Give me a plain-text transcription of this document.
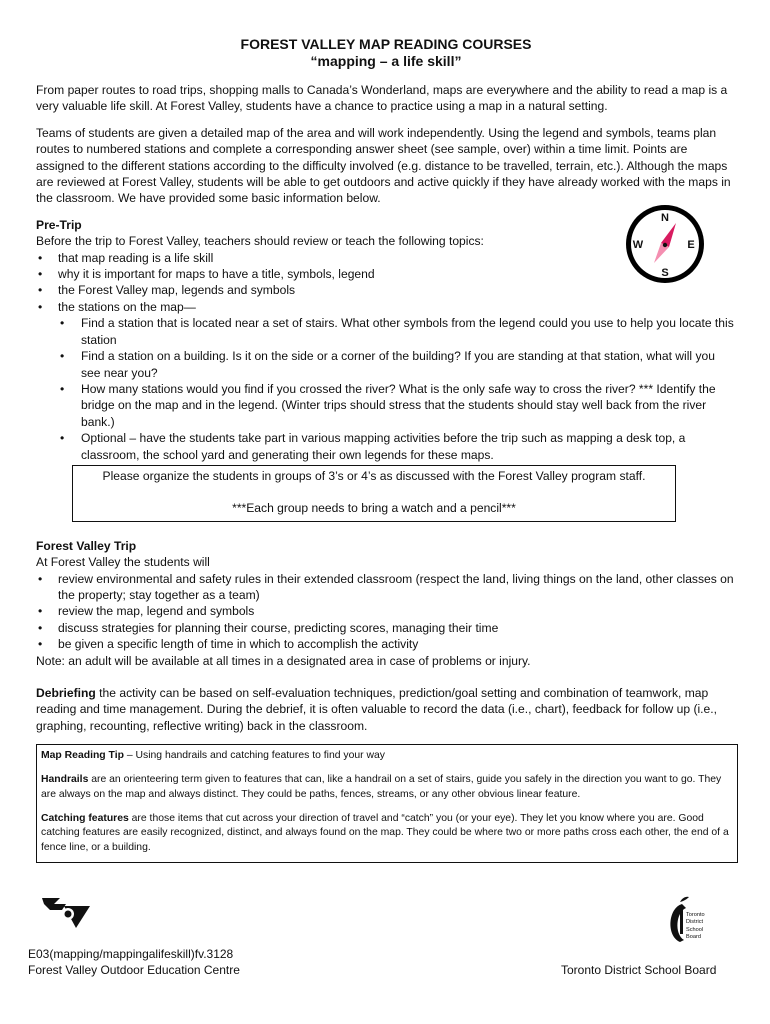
FOREST VALLEY MAP READING COURSES

“mapping – a life skill”

From paper routes to road trips, shopping malls to Canada’s Wonderland, maps are everywhere and the ability to read a map is a very valuable life skill. At Forest Valley, students have a chance to practice using a map in a natural setting.

Teams of students are given a detailed map of the area and will work independently. Using the legend and symbols, teams plan routes to numbered stations and complete a corresponding answer sheet (see sample, over) within a time limit. Points are assigned to the different stations according to the difficulty involved (e.g. distance to be travelled, terrain, etc.). Although the maps are reviewed at Forest Valley, students will be able to get outdoors and active quickly if they have already worked with the maps in the classroom. We have provided some basic information below.

N
E
S
W

Pre-Trip

Before the trip to Forest Valley, teachers should review or teach the following topics:

• that map reading is a life skill
• why it is important for maps to have a title, symbols, legend
• the Forest Valley map, legends and symbols
• the stations on the map—
• Find a station that is located near a set of stairs. What other symbols from the legend could you use to help you locate this station
• Find a station on a building. Is it on the side or a corner of the building? If you are standing at that station, what will you see near you?
• How many stations would you find if you crossed the river? What is the only safe way to cross the river? *** Identify the bridge on the map and in the legend. (Winter trips should stress that the students should stay well back from the river bank.)
• Optional – have the students take part in various mapping activities before the trip such as mapping a desk top, a classroom, the school yard and generating their own legends for these maps.

Please organize the students in groups of 3’s or 4’s as discussed with the Forest Valley program staff.

***Each group needs to bring a watch and a pencil***

Forest Valley Trip

At Forest Valley the students will

• review environmental and safety rules in their extended classroom (respect the land, living things on the land, other classes on the property; stay together as a team)
• review the map, legend and symbols
• discuss strategies for planning their course, predicting scores, managing their time
• be given a specific length of time in which to accomplish the activity

Note: an adult will be available at all times in a designated area in case of problems or injury.

Debriefing the activity can be based on self-evaluation techniques, prediction/goal setting and combination of teamwork, map reading and time management. During the debrief, it is often valuable to record the data (i.e., chart), feedback for follow up (i.e., graphing, recounting, reflective writing) back in the classroom.

Map Reading Tip – Using handrails and catching features to find your way

Handrails are an orienteering term given to features that can, like a handrail on a set of stairs, guide you safely in the direction you want to go. They are always on the map and always distinct. They could be paths, fences, streams, or any other obvious linear feature.

Catching features are those items that cut across your direction of travel and “catch” you (or your eye). They let you know where you are. Good catching features are easily recognized, distinct, and always found on the map. They could be where two or more paths cross each other, the end of a fence line, or a building.

Toronto
District
School
Board
E03(mapping/mappingalifeskill)fv.3128
Forest Valley Outdoor Education Centre	Toronto District School Board
